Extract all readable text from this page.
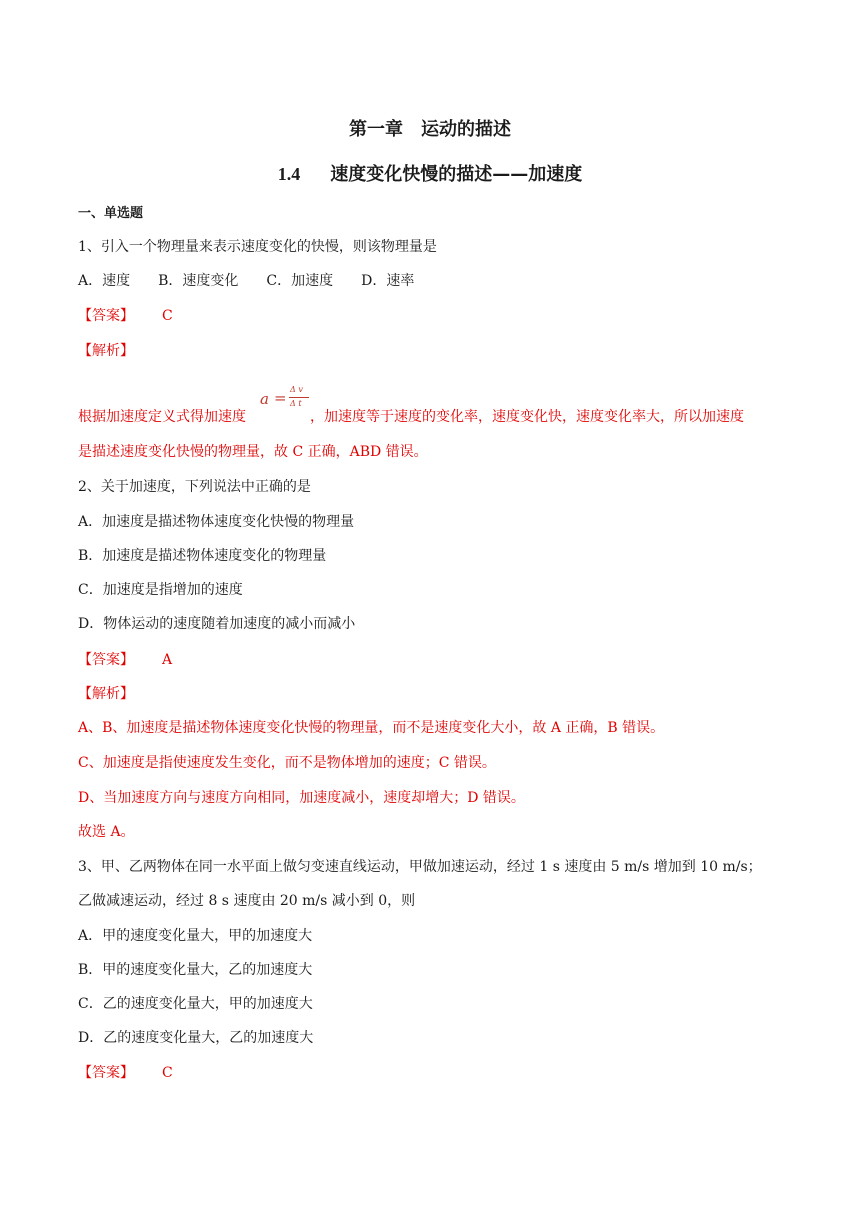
第一章　运动的描述
1.4 速度变化快慢的描述——加速度
一、单选题
1、引入一个物理量来表示速度变化的快慢，则该物理量是
A．速度 B．速度变化 C．加速度 D．速率
【答案】 C
【解析】
根据加速度定义式得加速度
a = Δ v
Δ t
，加速度等于速度的变化率，速度变化快，速度变化率大，所以加速度
是描述速度变化快慢的物理量，故 C 正确，ABD 错误。
2、关于加速度，下列说法中正确的是
A．加速度是描述物体速度变化快慢的物理量
B．加速度是描述物体速度变化的物理量
C．加速度是指增加的速度
D．物体运动的速度随着加速度的减小而减小
【答案】 A
【解析】
A、B、加速度是描述物体速度变化快慢的物理量，而不是速度变化大小，故 A 正确，B 错误。
C、加速度是指使速度发生变化，而不是物体增加的速度；C 错误。
D、当加速度方向与速度方向相同，加速度减小，速度却增大；D 错误。
故选 A。
3、甲、乙两物体在同一水平面上做匀变速直线运动，甲做加速运动，经过 1 s 速度由 5 m/s 增加到 10 m/s；
乙做减速运动，经过 8 s 速度由 20 m/s 减小到 0，则
A．甲的速度变化量大，甲的加速度大
B．甲的速度变化量大，乙的加速度大
C．乙的速度变化量大，甲的加速度大
D．乙的速度变化量大，乙的加速度大
【答案】 C
